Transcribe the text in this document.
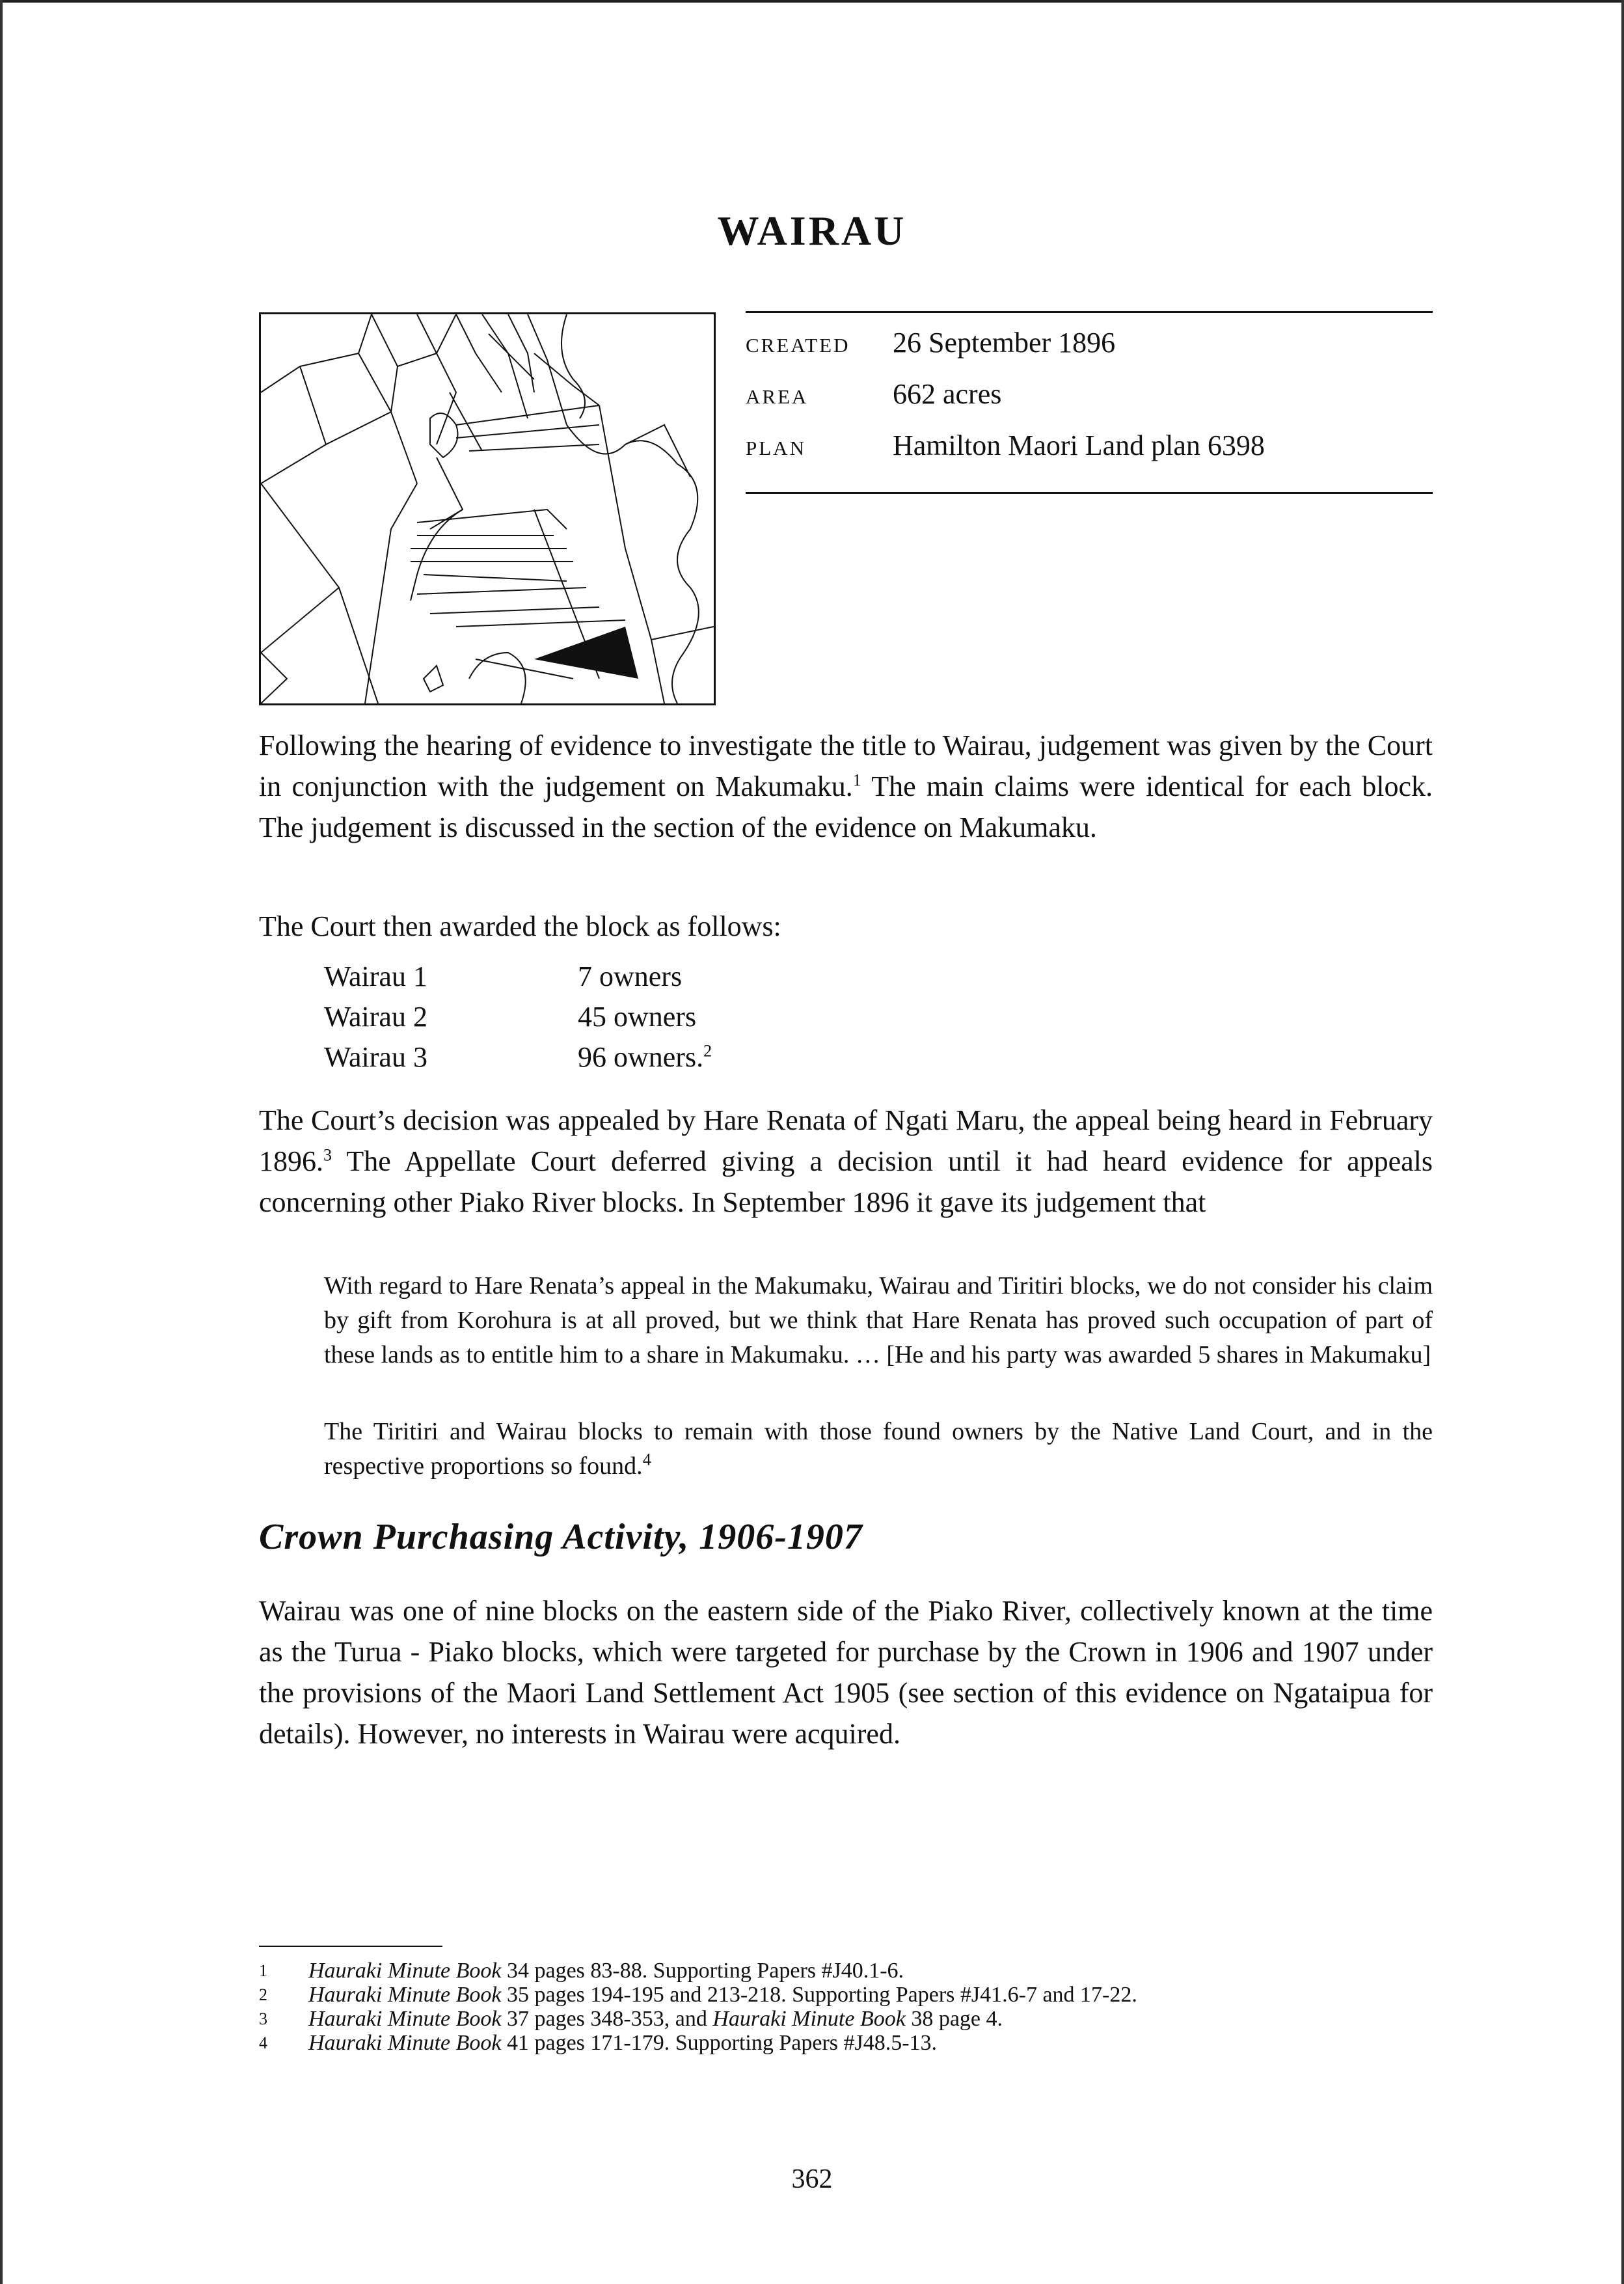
WAIRAU
CREATED	26 September 1896
AREA	662 acres
PLAN	Hamilton Maori Land plan 6398
Following the hearing of evidence to investigate the title to Wairau, judgement was given by the Court in conjunction with the judgement on Makumaku.$^1$ The main claims were identical for each block. The judgement is discussed in the section of the evidence on Makumaku.
The Court then awarded the block as follows:
Wairau 1	7 owners
Wairau 2	45 owners
Wairau 3	96 owners.$^2$
The Court’s decision was appealed by Hare Renata of Ngati Maru, the appeal being heard in February 1896.$^3$ The Appellate Court deferred giving a decision until it had heard evidence for appeals concerning other Piako River blocks. In September 1896 it gave its judgement that
With regard to Hare Renata’s appeal in the Makumaku, Wairau and Tiritiri blocks, we do not consider his claim by gift from Korohura is at all proved, but we think that Hare Renata has proved such occupation of part of these lands as to entitle him to a share in Makumaku. … [He and his party was awarded 5 shares in Makumaku]
The Tiritiri and Wairau blocks to remain with those found owners by the Native Land Court, and in the respective proportions so found.$^4$
Crown Purchasing Activity, 1906-1907
Wairau was one of nine blocks on the eastern side of the Piako River, collectively known at the time as the Turua - Piako blocks, which were targeted for purchase by the Crown in 1906 and 1907 under the provisions of the Maori Land Settlement Act 1905 (see section of this evidence on Ngataipua for details). However, no interests in Wairau were acquired.
1	Hauraki Minute Book 34 pages 83-88. Supporting Papers #J40.1-6.
2	Hauraki Minute Book 35 pages 194-195 and 213-218. Supporting Papers #J41.6-7 and 17-22.
3	Hauraki Minute Book 37 pages 348-353, and Hauraki Minute Book 38 page 4.
4	Hauraki Minute Book 41 pages 171-179. Supporting Papers #J48.5-13.
362
